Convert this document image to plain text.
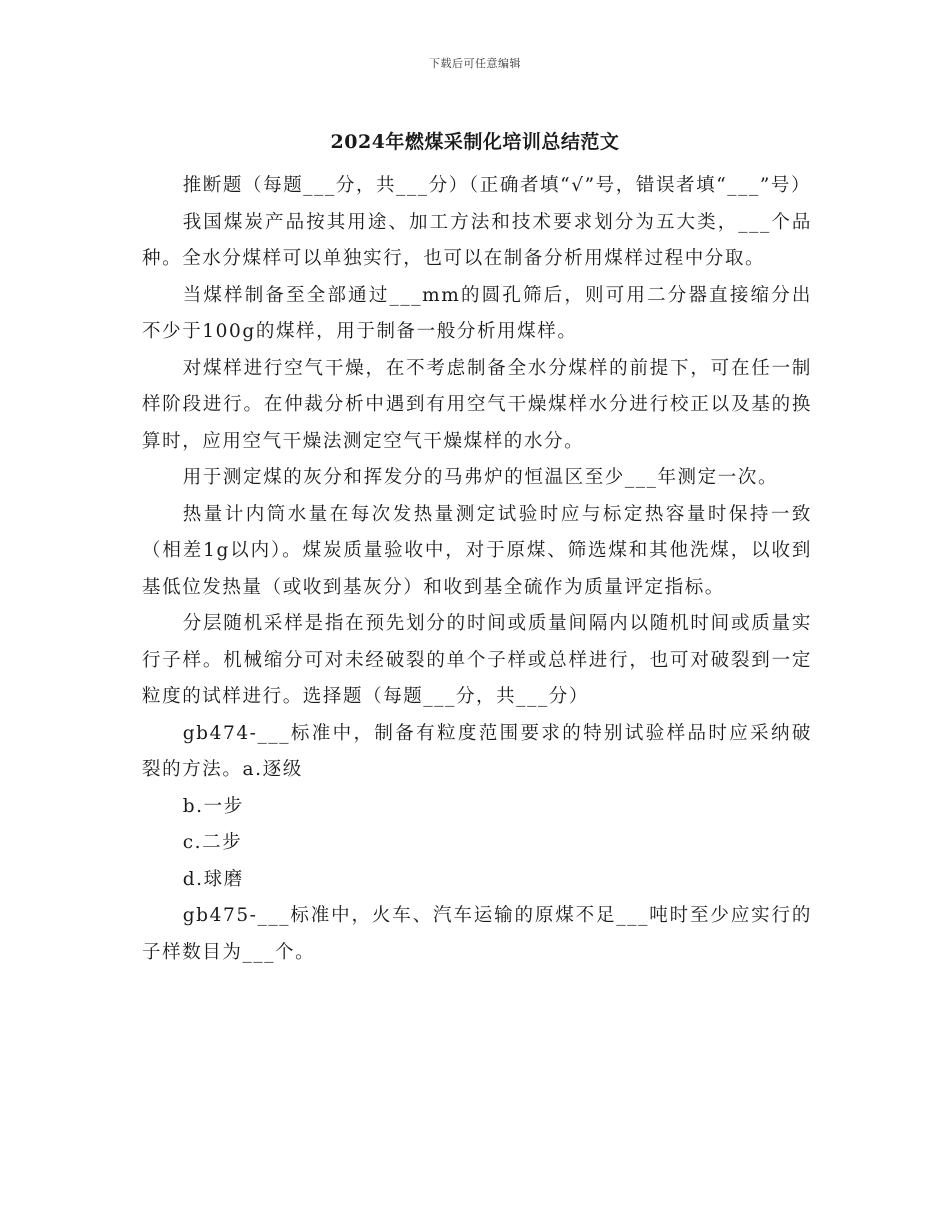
下载后可任意编辑
2024年燃煤采制化培训总结范文

推断题（每题___分，共___分）（正确者填“√”号，错误者填“___”号）

我国煤炭产品按其用途、加工方法和技术要求划分为五大类，___个品种。全水分煤样可以单独实行，也可以在制备分析用煤样过程中分取。

当煤样制备至全部通过___mm的圆孔筛后，则可用二分器直接缩分出不少于100g的煤样，用于制备一般分析用煤样。

对煤样进行空气干燥，在不考虑制备全水分煤样的前提下，可在任一制样阶段进行。在仲裁分析中遇到有用空气干燥煤样水分进行校正以及基的换算时，应用空气干燥法测定空气干燥煤样的水分。

用于测定煤的灰分和挥发分的马弗炉的恒温区至少___年测定一次。

热量计内筒水量在每次发热量测定试验时应与标定热容量时保持一致（相差1g以内）。煤炭质量验收中，对于原煤、筛选煤和其他洗煤，以收到基低位发热量（或收到基灰分）和收到基全硫作为质量评定指标。

分层随机采样是指在预先划分的时间或质量间隔内以随机时间或质量实行子样。机械缩分可对未经破裂的单个子样或总样进行，也可对破裂到一定粒度的试样进行。选择题（每题___分，共___分）

gb474-___标准中，制备有粒度范围要求的特别试验样品时应采纳破裂的方法。a.逐级

b.一步

c.二步

d.球磨

gb475-___标准中，火车、汽车运输的原煤不足___吨时至少应实行的子样数目为___个。
